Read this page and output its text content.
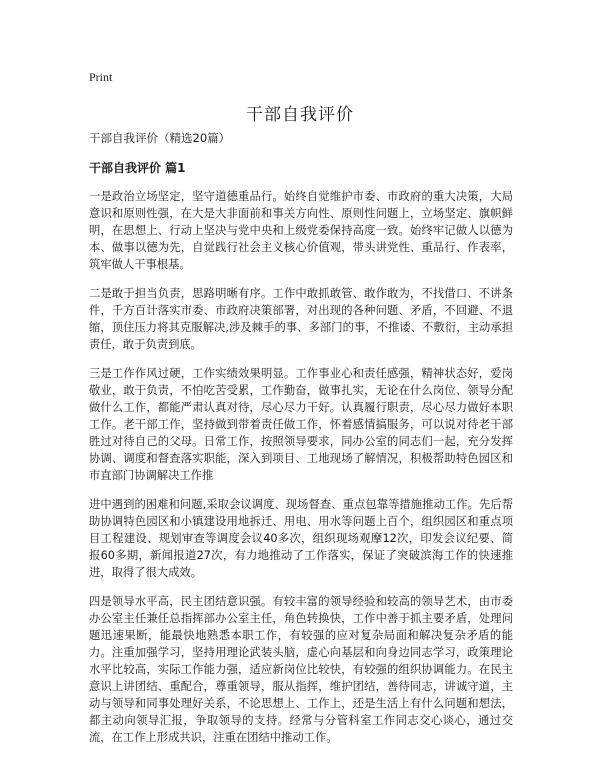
Print
干部自我评价
干部自我评价（精选20篇）
干部自我评价 篇1

一是政治立场坚定，坚守道德重品行。始终自觉维护市委、市政府的重大决策，大局意识和原则性强，在大是大非面前和事关方向性、原则性问题上，立场坚定、旗帜鲜明，在思想上、行动上坚决与党中央和上级党委保持高度一致。始终牢记做人以德为本、做事以德为先，自觉践行社会主义核心价值观，带头讲党性、重品行、作表率，筑牢做人干事根基。

二是敢于担当负责，思路明晰有序。工作中敢抓敢管、敢作敢为，不找借口、不讲条件，千方百计落实市委、市政府决策部署，对出现的各种问题、矛盾，不回避、不退缩，顶住压力将其克服解决,涉及棘手的事、多部门的事，不推诿、不敷衍，主动承担责任，敢于负责到底。

三是工作作风过硬，工作实绩效果明显。工作事业心和责任感强，精神状态好，爱岗敬业，敢于负责，不怕吃苦受累，工作勤奋，做事扎实，无论在什么岗位、领导分配做什么工作，都能严肃认真对待，尽心尽力干好。认真履行职责，尽心尽力做好本职工作。老干部工作，坚持做到带着责任做工作，怀着感情搞服务，可以说对待老干部胜过对待自己的父母。日常工作，按照领导要求，同办公室的同志们一起，充分发挥协调、调度和督查落实职能，深入到项目、工地现场了解情况，积极帮助特色园区和市直部门协调解决工作推

进中遇到的困难和问题,采取会议调度、现场督查、重点包靠等措施推动工作。先后帮助协调特色园区和小镇建设用地拆迁、用电、用水等问题上百个，组织园区和重点项目工程建设、规划审查等调度会议40多次，组织现场观摩12次，印发会议纪要、简报60多期，新闻报道27次，有力地推动了工作落实，保证了突破滨海工作的快速推进，取得了很大成效。

四是领导水平高，民主团结意识强。有较丰富的领导经验和较高的领导艺术，由市委办公室主任兼任总指挥部办公室主任，角色转换快，工作中善于抓主要矛盾，处理问题迅速果断，能最快地熟悉本职工作，有较强的应对复杂局面和解决复杂矛盾的能力。注重加强学习，坚持用理论武装头脑，虚心向基层和向身边同志学习，政策理论水平比较高，实际工作能力强，适应新岗位比较快，有较强的组织协调能力。在民主意识上讲团结、重配合，尊重领导，服从指挥，维护团结，善待同志，讲诚守道，主动与领导和同事处理好关系，不论思想上、工作上，还是生活上有什么问题和想法，都主动向领导汇报，争取领导的支持。经常与分管科室工作同志交心谈心，通过交流，在工作上形成共识，注重在团结中推动工作。
